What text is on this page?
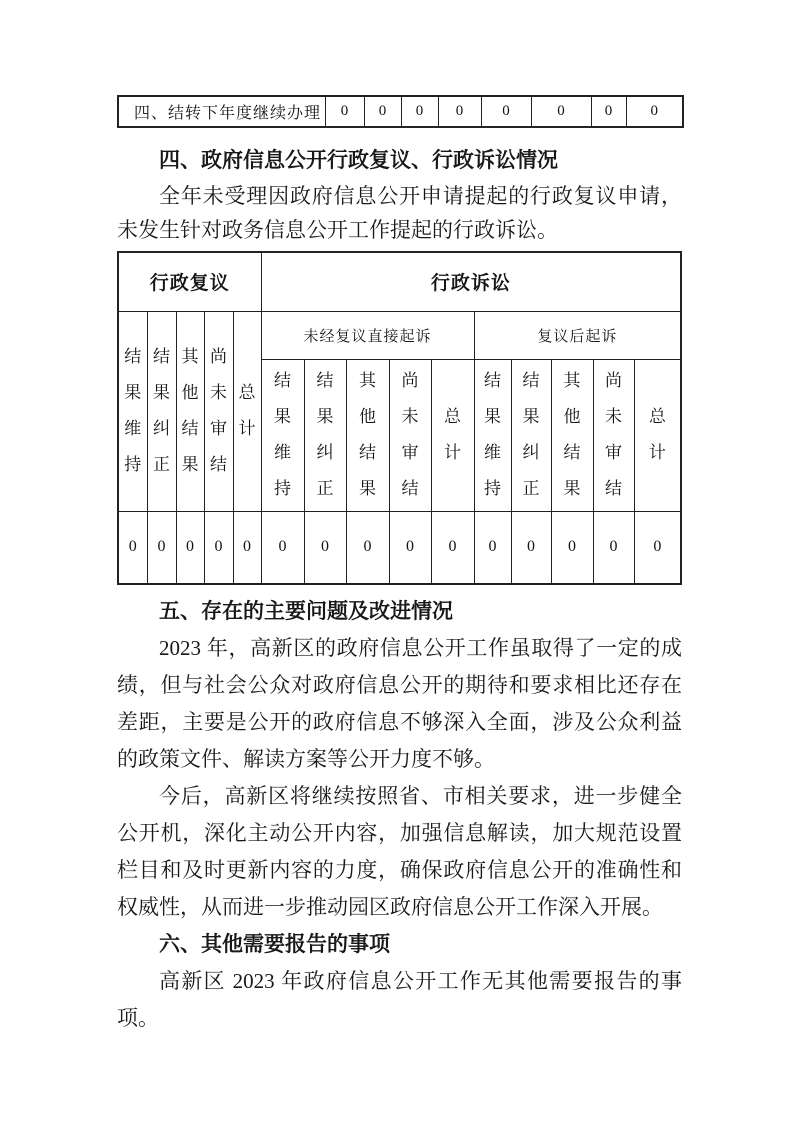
四、结转下年度继续办理	0	0	0	0	0	0	0	0
四、政府信息公开行政复议、行政诉讼情况

全年未受理因政府信息公开申请提起的行政复议申请，未发生针对政务信息公开工作提起的行政诉讼。

行政复议					行政诉讼									
结果维持	结果纠正	其他结果	尚未审结	总计	未经复议直接起诉					复议后起诉				
					结果维持	结果纠正	其他结果	尚未审结	总计	结果维持	结果纠正	其他结果	尚未审结	总计
0	0	0	0	0	0	0	0	0	0	0	0	0	0	0
五、存在的主要问题及改进情况

2023 年，高新区的政府信息公开工作虽取得了一定的成绩，但与社会公众对政府信息公开的期待和要求相比还存在差距，主要是公开的政府信息不够深入全面，涉及公众利益的政策文件、解读方案等公开力度不够。

今后，高新区将继续按照省、市相关要求，进一步健全公开机，深化主动公开内容，加强信息解读，加大规范设置栏目和及时更新内容的力度，确保政府信息公开的准确性和权威性，从而进一步推动园区政府信息公开工作深入开展。

六、其他需要报告的事项

高新区 2023 年政府信息公开工作无其他需要报告的事项。
